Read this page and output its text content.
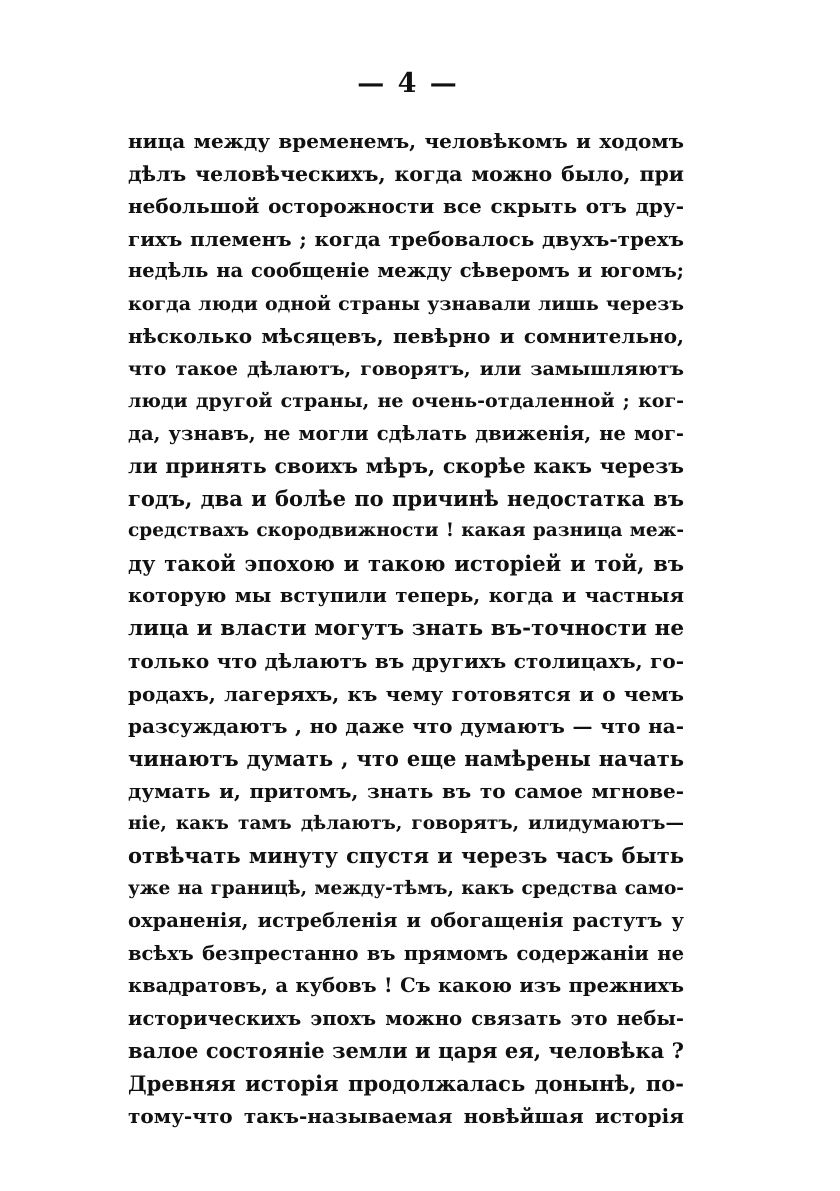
— 4 —
ница между временемъ, человѣкомъ и ходомъ
дѣлъ человѣческихъ, когда можно было, при
небольшой осторожности все скрыть отъ дру-
гихъ племенъ ; когда требовалось двухъ-трехъ
недѣль на сообщеніе между сѣверомъ и югомъ;
когда люди одной страны узнавали лишь черезъ
нѣсколько мѣсяцевъ, певѣрно и сомнительно,
что такое дѣлаютъ, говорятъ, или замышляютъ
люди другой страны, не очень-отдаленной ; ког-
да, узнавъ, не могли сдѣлать движенія, не мог-
ли принять своихъ мѣръ, скорѣе какъ черезъ
годъ, два и болѣе по причинѣ недостатка въ
средствахъ скородвижности ! какая разница меж-
ду такой эпохою и такою исторіей и той, въ
которую мы вступили теперь, когда и частныя
лица и власти могутъ знать въ-точности не
только что дѣлаютъ въ другихъ столицахъ, го-
родахъ, лагеряхъ, къ чему готовятся и о чемъ
разсуждаютъ , но даже что думаютъ — что на-
чинаютъ думать , что еще намѣрены начать
думать и, притомъ, знать въ то самое мгнове-
ніе, какъ тамъ дѣлаютъ, говорятъ, илидумаютъ—
отвѣчать минуту спустя и черезъ часъ быть
уже на границѣ, между-тѣмъ, какъ средства само-
охраненія, истребленія и обогащенія растутъ у
всѣхъ безпрестанно въ прямомъ содержаніи не
квадратовъ, а кубовъ ! Съ какою изъ прежнихъ
историческихъ эпохъ можно связать это небы-
валое состояніе земли и царя ея, человѣка ?
Древняя исторія продолжалась донынѣ, по-
тому-что такъ-называемая новѣйшая исторія
